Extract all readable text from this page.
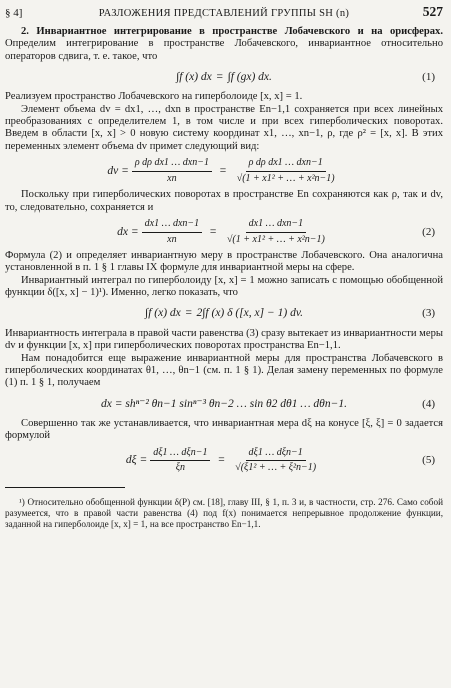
§ 4]	РАЗЛОЖЕНИЯ ПРЕДСТАВЛЕНИЙ ГРУППЫ SH (n)	527

2. Инвариантное интегрирование в пространстве Лобачевского и на орисферах. Определим интегрирование в пространстве Лобачевского, инвариантное относительно операторов сдвига, т. е. такое, что

∫f (x) dx = ∫f (gx) dx.	(1)

Реализуем пространство Лобачевского на гиперболоиде [x, x] = 1.

Элемент объема dv = dx1, …, dxn в пространстве En−1,1 сохраняется при всех линейных преобразованиях с определителем 1, в том числе и при всех гиперболических поворотах. Введем в области [x, x] > 0 новую систему координат x1, …, xn−1, ρ, где ρ² = [x, x]. В этих переменных элемент объема dv примет следующий вид:

dv = $\frac{\text{ρ dρ dx1 … dxn−1}}{xn} = \frac{\text{ρ dρ dx1 … dxn−1}}{\text{√(1 + x1² + … + x²n−1)}}$

Поскольку при гиперболических поворотах в пространстве En сохраняются как ρ, так и dv, то, следовательно, сохраняется и

dx = $\frac{\text{dx1 … dxn−1}}{xn} = \frac{\text{dx1 … dxn−1}}{\text{√(1 + x1² + … + x²n−1)}}$	(2)

Формула (2) и определяет инвариантную меру в пространстве Лобачевского. Она аналогична установленной в п. 1 § 1 главы IX формуле для инвариантной меры на сфере.

Инвариантный интеграл по гиперболоиду [x, x] = 1 можно записать с помощью обобщенной функции δ([x, x] − 1)¹). Именно, легко показать, что

∫f (x) dx = 2∫f (x) δ ([x, x] − 1) dv.	(3)

Инвариантность интеграла в правой части равенства (3) сразу вытекает из инвариантности меры dv и функции [x, x] при гиперболических поворотах пространства En−1,1.

Нам понадобится еще выражение инвариантной меры для пространства Лобачевского в гиперболических координатах θ1, …, θn−1 (см. п. 1 § 1). Делая замену переменных по формуле (1) п. 1 § 1, получаем

dx = shⁿ⁻² θn−1 sinⁿ⁻³ θn−2 … sin θ2 dθ1 … dθn−1.	(4)

Совершенно так же устанавливается, что инвариантная мера dξ на конусе [ξ, ξ] = 0 задается формулой

$d\xi = \frac{\text{dξ1 … dξn−1}}{\xi n} = \frac{\text{dξ1 … dξn−1}}{\text{√(ξ1² + … + ξ²n−1)}}$	(5)

¹) Относительно обобщенной функции δ(P) см. [18], главу III, § 1, п. 3 и, в частности, стр. 276. Само собой разумеется, что в правой части равенства (4) под f(x) понимается непрерывное продолжение функции, заданной на гиперболоиде [x, x] = 1, на все пространство En−1,1.
